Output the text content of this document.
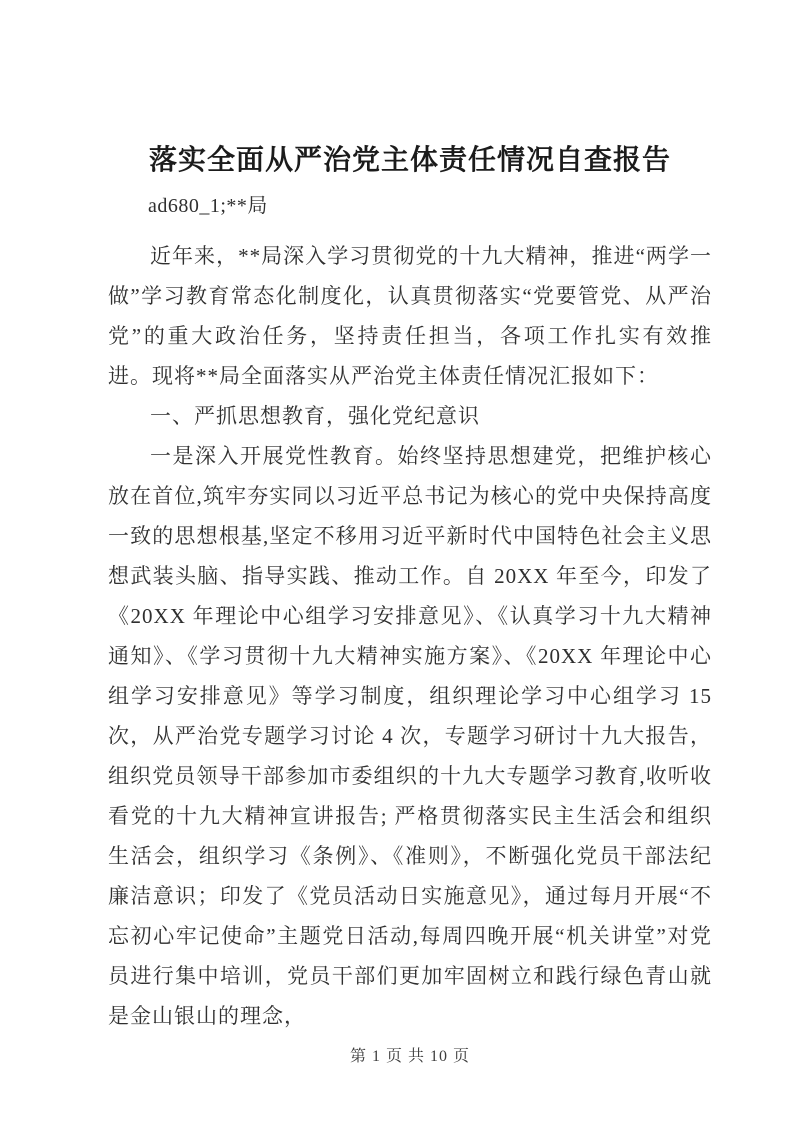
落实全面从严治党主体责任情况自查报告

ad680_1;**局

近年来，**局深入学习贯彻党的十九大精神，推进“两学一做”学习教育常态化制度化，认真贯彻落实“党要管党、从严治党”的重大政治任务，坚持责任担当，各项工作扎实有效推进。现将**局全面落实从严治党主体责任情况汇报如下：

一、严抓思想教育，强化党纪意识

一是深入开展党性教育。始终坚持思想建党，把维护核心放在首位,筑牢夯实同以习近平总书记为核心的党中央保持高度一致的思想根基,坚定不移用习近平新时代中国特色社会主义思想武装头脑、指导实践、推动工作。自 20XX 年至今，印发了《20XX 年理论中心组学习安排意见》、《认真学习十九大精神通知》、《学习贯彻十九大精神实施方案》、《20XX 年理论中心组学习安排意见》等学习制度，组织理论学习中心组学习 15 次，从严治党专题学习讨论 4 次，专题学习研讨十九大报告，组织党员领导干部参加市委组织的十九大专题学习教育,收听收看党的十九大精神宣讲报告; 严格贯彻落实民主生活会和组织生活会，组织学习《条例》、《准则》，不断强化党员干部法纪廉洁意识；印发了《党员活动日实施意见》，通过每月开展“不忘初心牢记使命”主题党日活动,每周四晚开展“机关讲堂”对党员进行集中培训，党员干部们更加牢固树立和践行绿色青山就是金山银山的理念，

第 1 页 共 10 页
